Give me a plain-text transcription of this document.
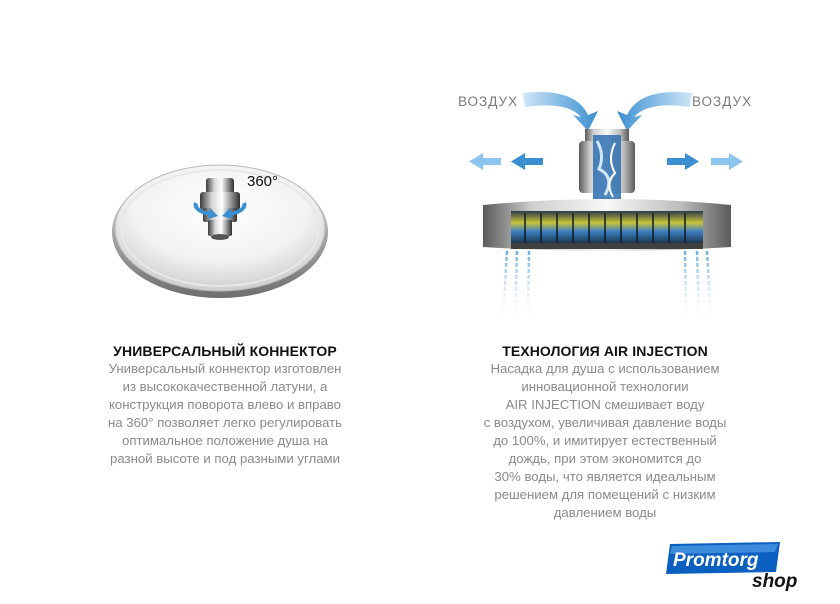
360°
ВОЗДУХ	ВОЗДУХ
УНИВЕРСАЛЬНЫЙ КОННЕКТОР
Универсальный коннектор изготовлен
из высококачественной латуни, а
конструкция поворота влево и вправо
на 360° позволяет легко регулировать
оптимальное положение душа на
разной высоте и под разными углами
ТЕХНОЛОГИЯ AIR INJECTION
Насадка для душа с использованием
инновационной технологии
AIR INJECTION смешивает воду
с воздухом, увеличивая давление воды
до 100%, и имитирует естественный
дождь, при этом экономится до
30% воды, что является идеальным
решением для помещений с низким
давлением воды
Promtorg
shop
